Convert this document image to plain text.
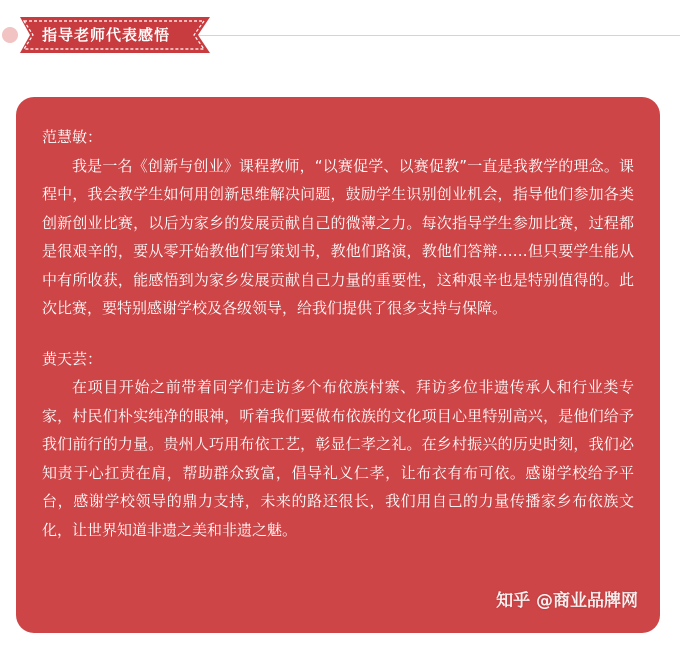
指导老师代表感悟
范慧敏：
我是一名《创新与创业》课程教师，“以赛促学、以赛促教”一直是我教学的理念。课程中，我会教学生如何用创新思维解决问题，鼓励学生识别创业机会，指导他们参加各类创新创业比赛，以后为家乡的发展贡献自己的微薄之力。每次指导学生参加比赛，过程都是很艰辛的，要从零开始教他们写策划书，教他们路演，教他们答辩……但只要学生能从中有所收获，能感悟到为家乡发展贡献自己力量的重要性，这种艰辛也是特别值得的。此次比赛，要特别感谢学校及各级领导，给我们提供了很多支持与保障。
黄天芸：
在项目开始之前带着同学们走访多个布依族村寨、拜访多位非遗传承人和行业类专家，村民们朴实纯净的眼神，听着我们要做布依族的文化项目心里特别高兴，是他们给予我们前行的力量。贵州人巧用布依工艺，彰显仁孝之礼。在乡村振兴的历史时刻，我们必知责于心扛责在肩，帮助群众致富，倡导礼义仁孝，让布衣有布可依。感谢学校给予平台，感谢学校领导的鼎力支持，未来的路还很长，我们用自己的力量传播家乡布依族文化，让世界知道非遗之美和非遗之魅。
知乎 @商业品牌网
